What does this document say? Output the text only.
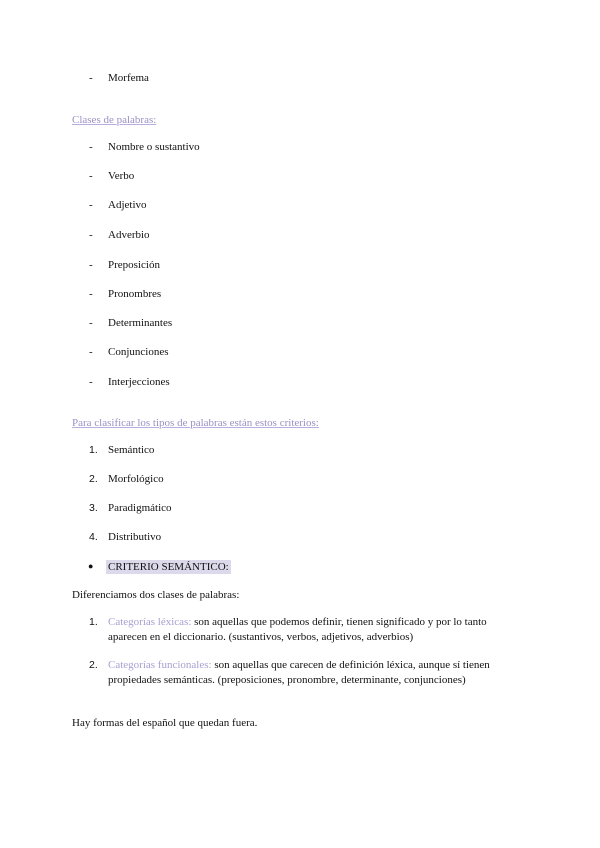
- Morfema
Clases de palabras:
- Nombre o sustantivo
- Verbo
- Adjetivo
- Adverbio
- Preposición
- Pronombres
- Determinantes
- Conjunciones
- Interjecciones
Para clasificar los tipos de palabras están estos criterios:
1. Semántico
2. Morfológico
3. Paradigmático
4. Distributivo
● CRITERIO SEMÁNTICO:
Diferenciamos dos clases de palabras:
1. Categorías léxicas: son aquellas que podemos definir, tienen significado y por lo tanto aparecen en el diccionario. (sustantivos, verbos, adjetivos, adverbios)
2. Categorías funcionales: son aquellas que carecen de definición léxica, aunque sí tienen propiedades semánticas. (preposiciones, pronombre, determinante, conjunciones)
Hay formas del español que quedan fuera.
